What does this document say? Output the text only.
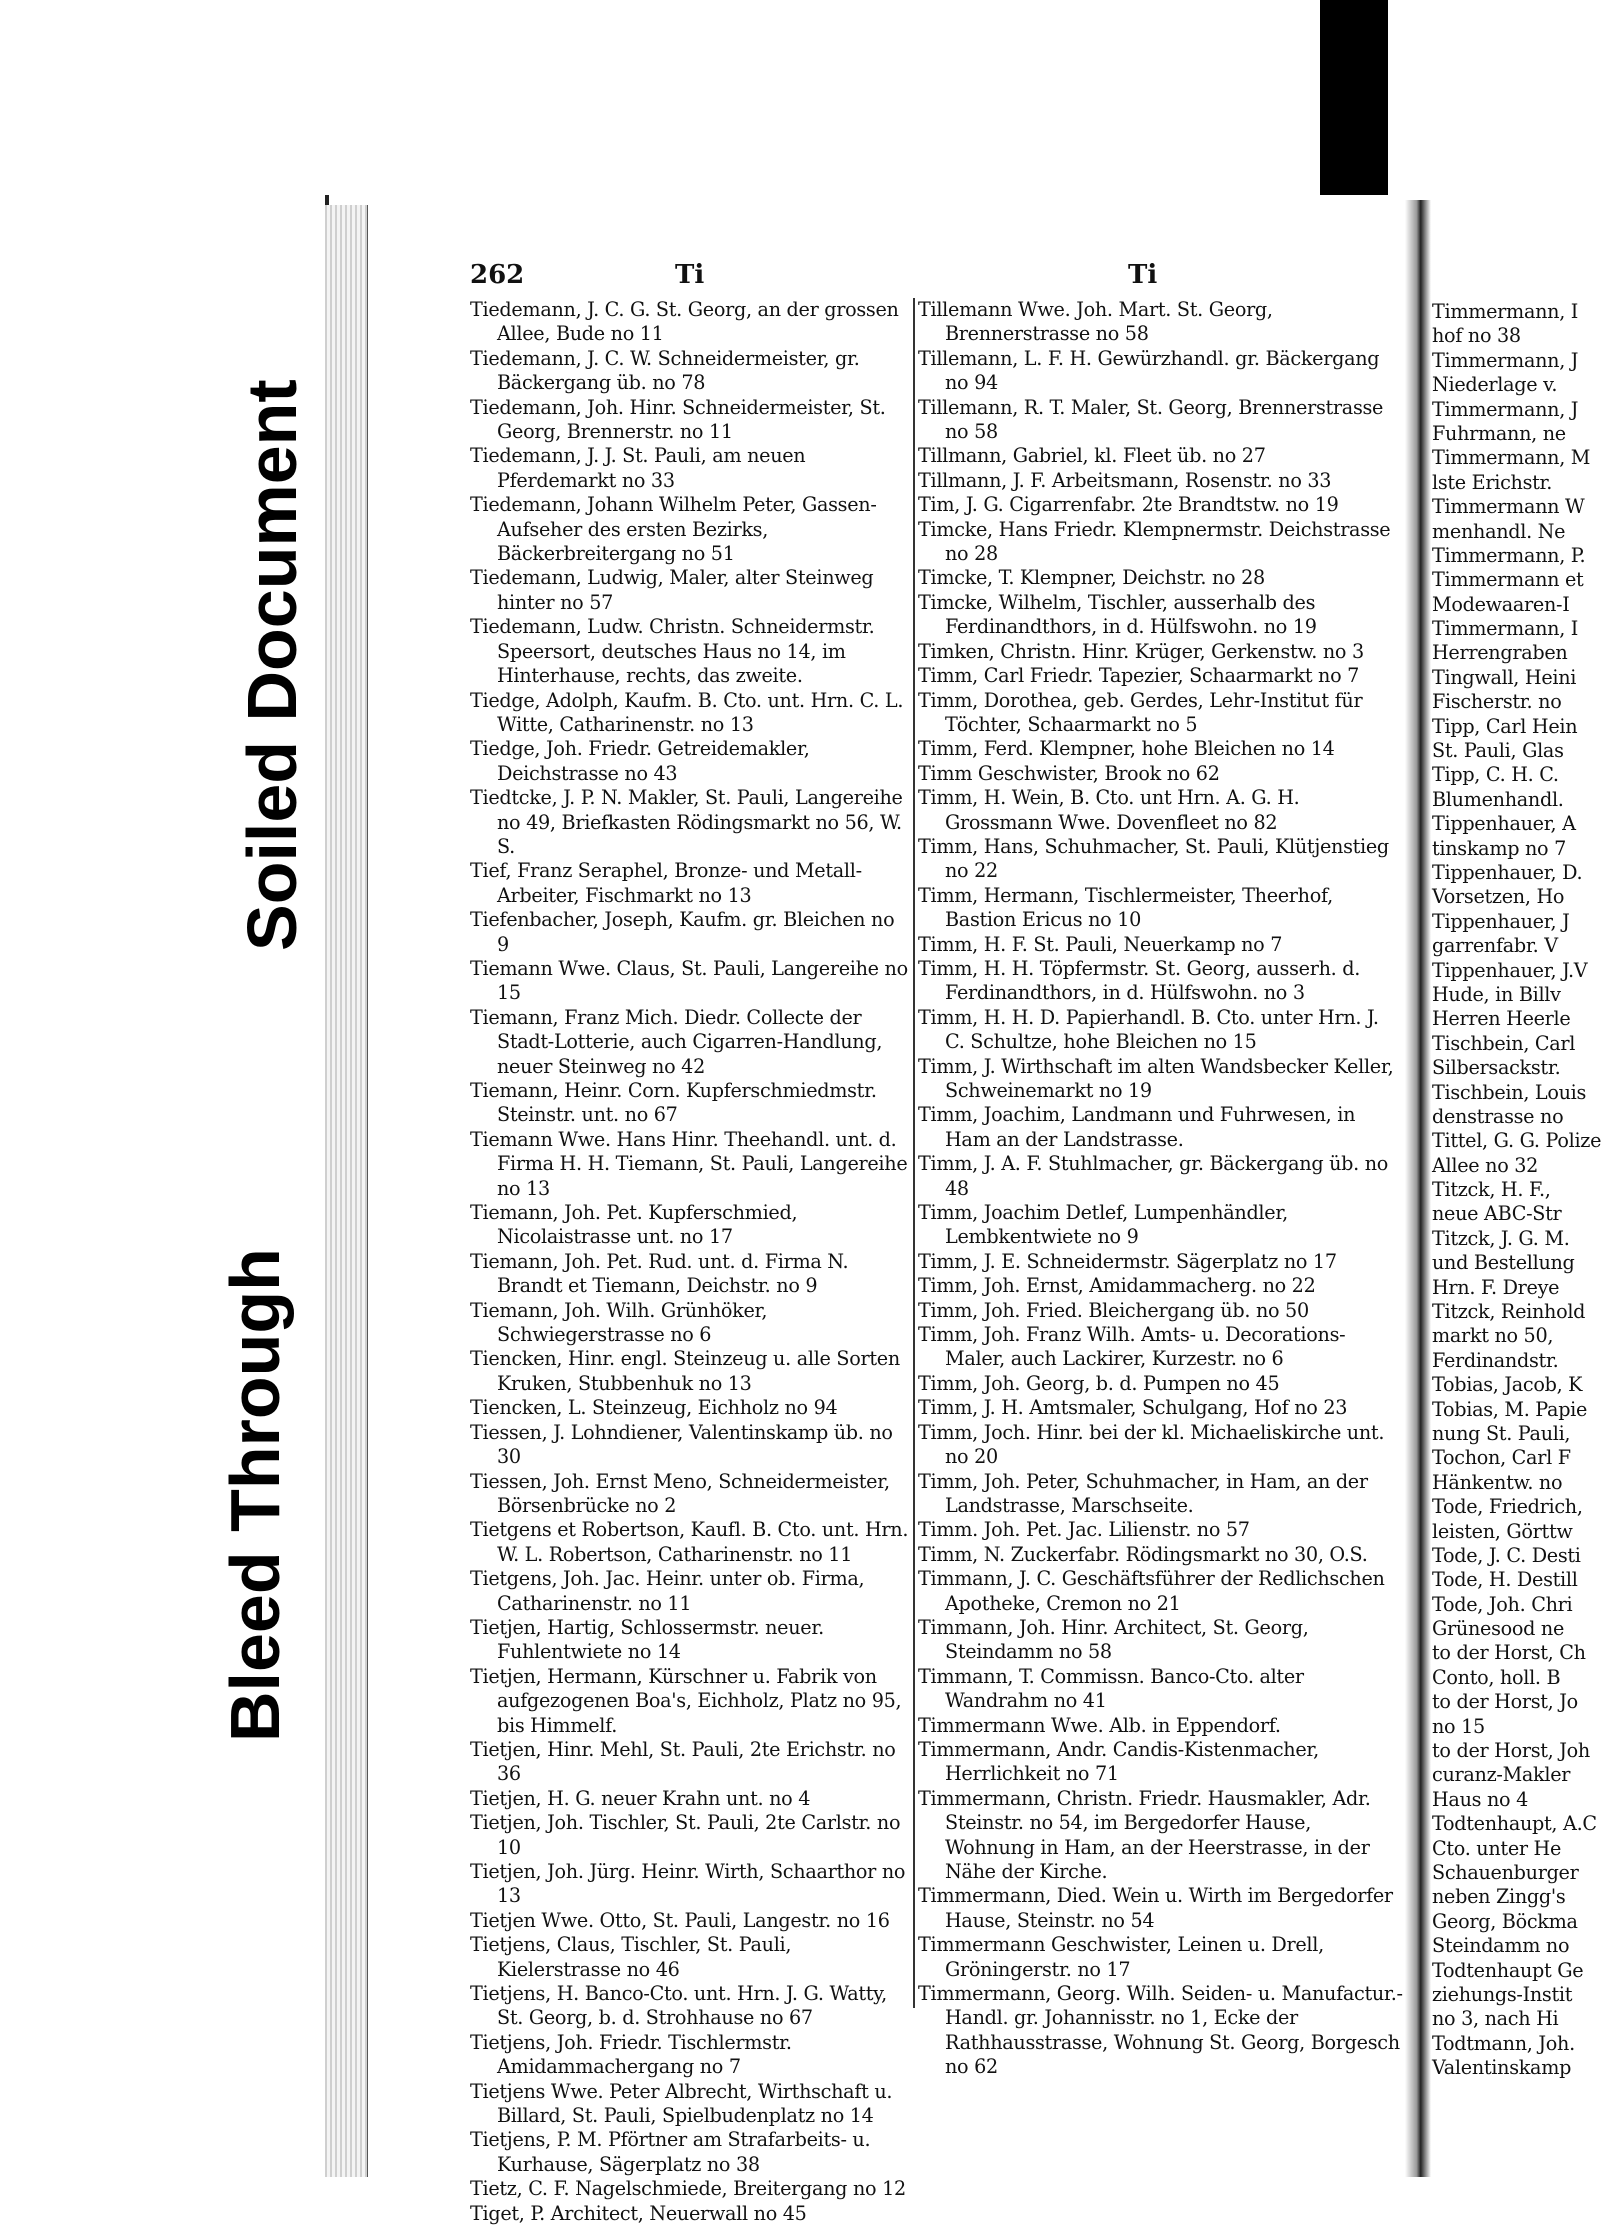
Soiled Document
Bleed Through
262	Ti	Ti

Tiedemann, J. C. G. St. Georg, an der grossen Allee, Bude no 11

Tiedemann, J. C. W. Schneidermeister, gr. Bäckergang üb. no 78

Tiedemann, Joh. Hinr. Schneidermeister, St. Georg, Brennerstr. no 11

Tiedemann, J. J. St. Pauli, am neuen Pferdemarkt no 33

Tiedemann, Johann Wilhelm Peter, Gassen-Aufseher des ersten Bezirks, Bäckerbreitergang no 51

Tiedemann, Ludwig, Maler, alter Steinweg hinter no 57

Tiedemann, Ludw. Christn. Schneidermstr. Speersort, deutsches Haus no 14, im Hinterhause, rechts, das zweite.

Tiedge, Adolph, Kaufm. B. Cto. unt. Hrn. C. L. Witte, Catharinenstr. no 13

Tiedge, Joh. Friedr. Getreidemakler, Deichstrasse no 43

Tiedtcke, J. P. N. Makler, St. Pauli, Langereihe no 49, Briefkasten Rödingsmarkt no 56, W. S.

Tief, Franz Seraphel, Bronze- und Metall-Arbeiter, Fischmarkt no 13

Tiefenbacher, Joseph, Kaufm. gr. Bleichen no 9

Tiemann Wwe. Claus, St. Pauli, Langereihe no 15

Tiemann, Franz Mich. Diedr. Collecte der Stadt-Lotterie, auch Cigarren-Handlung, neuer Steinweg no 42

Tiemann, Heinr. Corn. Kupferschmiedmstr. Steinstr. unt. no 67

Tiemann Wwe. Hans Hinr. Theehandl. unt. d. Firma H. H. Tiemann, St. Pauli, Langereihe no 13

Tiemann, Joh. Pet. Kupferschmied, Nicolaistrasse unt. no 17

Tiemann, Joh. Pet. Rud. unt. d. Firma N. Brandt et Tiemann, Deichstr. no 9

Tiemann, Joh. Wilh. Grünhöker, Schwiegerstrasse no 6

Tiencken, Hinr. engl. Steinzeug u. alle Sorten Kruken, Stubbenhuk no 13

Tiencken, L. Steinzeug, Eichholz no 94

Tiessen, J. Lohndiener, Valentinskamp üb. no 30

Tiessen, Joh. Ernst Meno, Schneidermeister, Börsenbrücke no 2

Tietgens et Robertson, Kaufl. B. Cto. unt. Hrn. W. L. Robertson, Catharinenstr. no 11

Tietgens, Joh. Jac. Heinr. unter ob. Firma, Catharinenstr. no 11

Tietjen, Hartig, Schlossermstr. neuer. Fuhlentwiete no 14

Tietjen, Hermann, Kürschner u. Fabrik von aufgezogenen Boa's, Eichholz, Platz no 95, bis Himmelf.

Tietjen, Hinr. Mehl, St. Pauli, 2te Erichstr. no 36

Tietjen, H. G. neuer Krahn unt. no 4

Tietjen, Joh. Tischler, St. Pauli, 2te Carlstr. no 10

Tietjen, Joh. Jürg. Heinr. Wirth, Schaarthor no 13

Tietjen Wwe. Otto, St. Pauli, Langestr. no 16

Tietjens, Claus, Tischler, St. Pauli, Kielerstrasse no 46

Tietjens, H. Banco-Cto. unt. Hrn. J. G. Watty, St. Georg, b. d. Strohhause no 67

Tietjens, Joh. Friedr. Tischlermstr. Amidammachergang no 7

Tietjens Wwe. Peter Albrecht, Wirthschaft u. Billard, St. Pauli, Spielbudenplatz no 14

Tietjens, P. M. Pförtner am Strafarbeits- u. Kurhause, Sägerplatz no 38

Tietz, C. F. Nagelschmiede, Breitergang no 12

Tiget, P. Architect, Neuerwall no 45

Tillemann Wwe. Joh. Mart. St. Georg, Brennerstrasse no 58

Tillemann, L. F. H. Gewürzhandl. gr. Bäckergang no 94

Tillemann, R. T. Maler, St. Georg, Brennerstrasse no 58

Tillmann, Gabriel, kl. Fleet üb. no 27

Tillmann, J. F. Arbeitsmann, Rosenstr. no 33

Tim, J. G. Cigarrenfabr. 2te Brandtstw. no 19

Timcke, Hans Friedr. Klempnermstr. Deichstrasse no 28

Timcke, T. Klempner, Deichstr. no 28

Timcke, Wilhelm, Tischler, ausserhalb des Ferdinandthors, in d. Hülfswohn. no 19

Timken, Christn. Hinr. Krüger, Gerkenstw. no 3

Timm, Carl Friedr. Tapezier, Schaarmarkt no 7

Timm, Dorothea, geb. Gerdes, Lehr-Institut für Töchter, Schaarmarkt no 5

Timm, Ferd. Klempner, hohe Bleichen no 14

Timm Geschwister, Brook no 62

Timm, H. Wein, B. Cto. unt Hrn. A. G. H. Grossmann Wwe. Dovenfleet no 82

Timm, Hans, Schuhmacher, St. Pauli, Klütjenstieg no 22

Timm, Hermann, Tischlermeister, Theerhof, Bastion Ericus no 10

Timm, H. F. St. Pauli, Neuerkamp no 7

Timm, H. H. Töpfermstr. St. Georg, ausserh. d. Ferdinandthors, in d. Hülfswohn. no 3

Timm, H. H. D. Papierhandl. B. Cto. unter Hrn. J. C. Schultze, hohe Bleichen no 15

Timm, J. Wirthschaft im alten Wandsbecker Keller, Schweinemarkt no 19

Timm, Joachim, Landmann und Fuhrwesen, in Ham an der Landstrasse.

Timm, J. A. F. Stuhlmacher, gr. Bäckergang üb. no 48

Timm, Joachim Detlef, Lumpenhändler, Lembkentwiete no 9

Timm, J. E. Schneidermstr. Sägerplatz no 17

Timm, Joh. Ernst, Amidammacherg. no 22

Timm, Joh. Fried. Bleichergang üb. no 50

Timm, Joh. Franz Wilh. Amts- u. Decorations-Maler, auch Lackirer, Kurzestr. no 6

Timm, Joh. Georg, b. d. Pumpen no 45

Timm, J. H. Amtsmaler, Schulgang, Hof no 23

Timm, Joch. Hinr. bei der kl. Michaeliskirche unt. no 20

Timm, Joh. Peter, Schuhmacher, in Ham, an der Landstrasse, Marschseite.

Timm. Joh. Pet. Jac. Lilienstr. no 57

Timm, N. Zuckerfabr. Rödingsmarkt no 30, O.S.

Timmann, J. C. Geschäftsführer der Redlichschen Apotheke, Cremon no 21

Timmann, Joh. Hinr. Architect, St. Georg, Steindamm no 58

Timmann, T. Commissn. Banco-Cto. alter Wandrahm no 41

Timmermann Wwe. Alb. in Eppendorf.

Timmermann, Andr. Candis-Kistenmacher, Herrlichkeit no 71

Timmermann, Christn. Friedr. Hausmakler, Adr. Steinstr. no 54, im Bergedorfer Hause, Wohnung in Ham, an der Heerstrasse, in der Nähe der Kirche.

Timmermann, Died. Wein u. Wirth im Bergedorfer Hause, Steinstr. no 54

Timmermann Geschwister, Leinen u. Drell, Gröningerstr. no 17

Timmermann, Georg. Wilh. Seiden- u. Manufactur.-Handl. gr. Johannisstr. no 1, Ecke der Rathhausstrasse, Wohnung St. Georg, Borgesch no 62

Timmermann, I
hof no 38
Timmermann, J
Niederlage v.
Timmermann, J
Fuhrmann, ne
Timmermann, M
lste Erichstr.
Timmermann W
menhandl. Ne
Timmermann, P.
Timmermann et
Modewaaren-I
Timmermann, I
Herrengraben
Tingwall, Heini
Fischerstr. no
Tipp, Carl Hein
St. Pauli, Glas
Tipp, C. H. C.
Blumenhandl.
Tippenhauer, A
tinskamp no 7
Tippenhauer, D.
Vorsetzen, Ho
Tippenhauer, J
garrenfabr. V
Tippenhauer, J.V
Hude, in Billv
Herren Heerle
Tischbein, Carl
Silbersackstr.
Tischbein, Louis
denstrasse no
Tittel, G. G. Polize
Allee no 32
Titzck, H. F.,
neue ABC-Str
Titzck, J. G. M.
und Bestellung
Hrn. F. Dreye
Titzck, Reinhold
markt no 50,
Ferdinandstr.
Tobias, Jacob, K
Tobias, M. Papie
nung St. Pauli,
Tochon, Carl F
Hänkentw. no
Tode, Friedrich,
leisten, Görttw
Tode, J. C. Desti
Tode, H. Destill
Tode, Joh. Chri
Grünesood ne
to der Horst, Ch
Conto, holl. B
to der Horst, Jo
no 15
to der Horst, Joh
curanz-Makler
Haus no 4
Todtenhaupt, A.C
Cto. unter He
Schauenburger
neben Zingg's
Georg, Böckma
Steindamm no
Todtenhaupt Ge
ziehungs-Instit
no 3, nach Hi
Todtmann, Joh.
Valentinskamp
